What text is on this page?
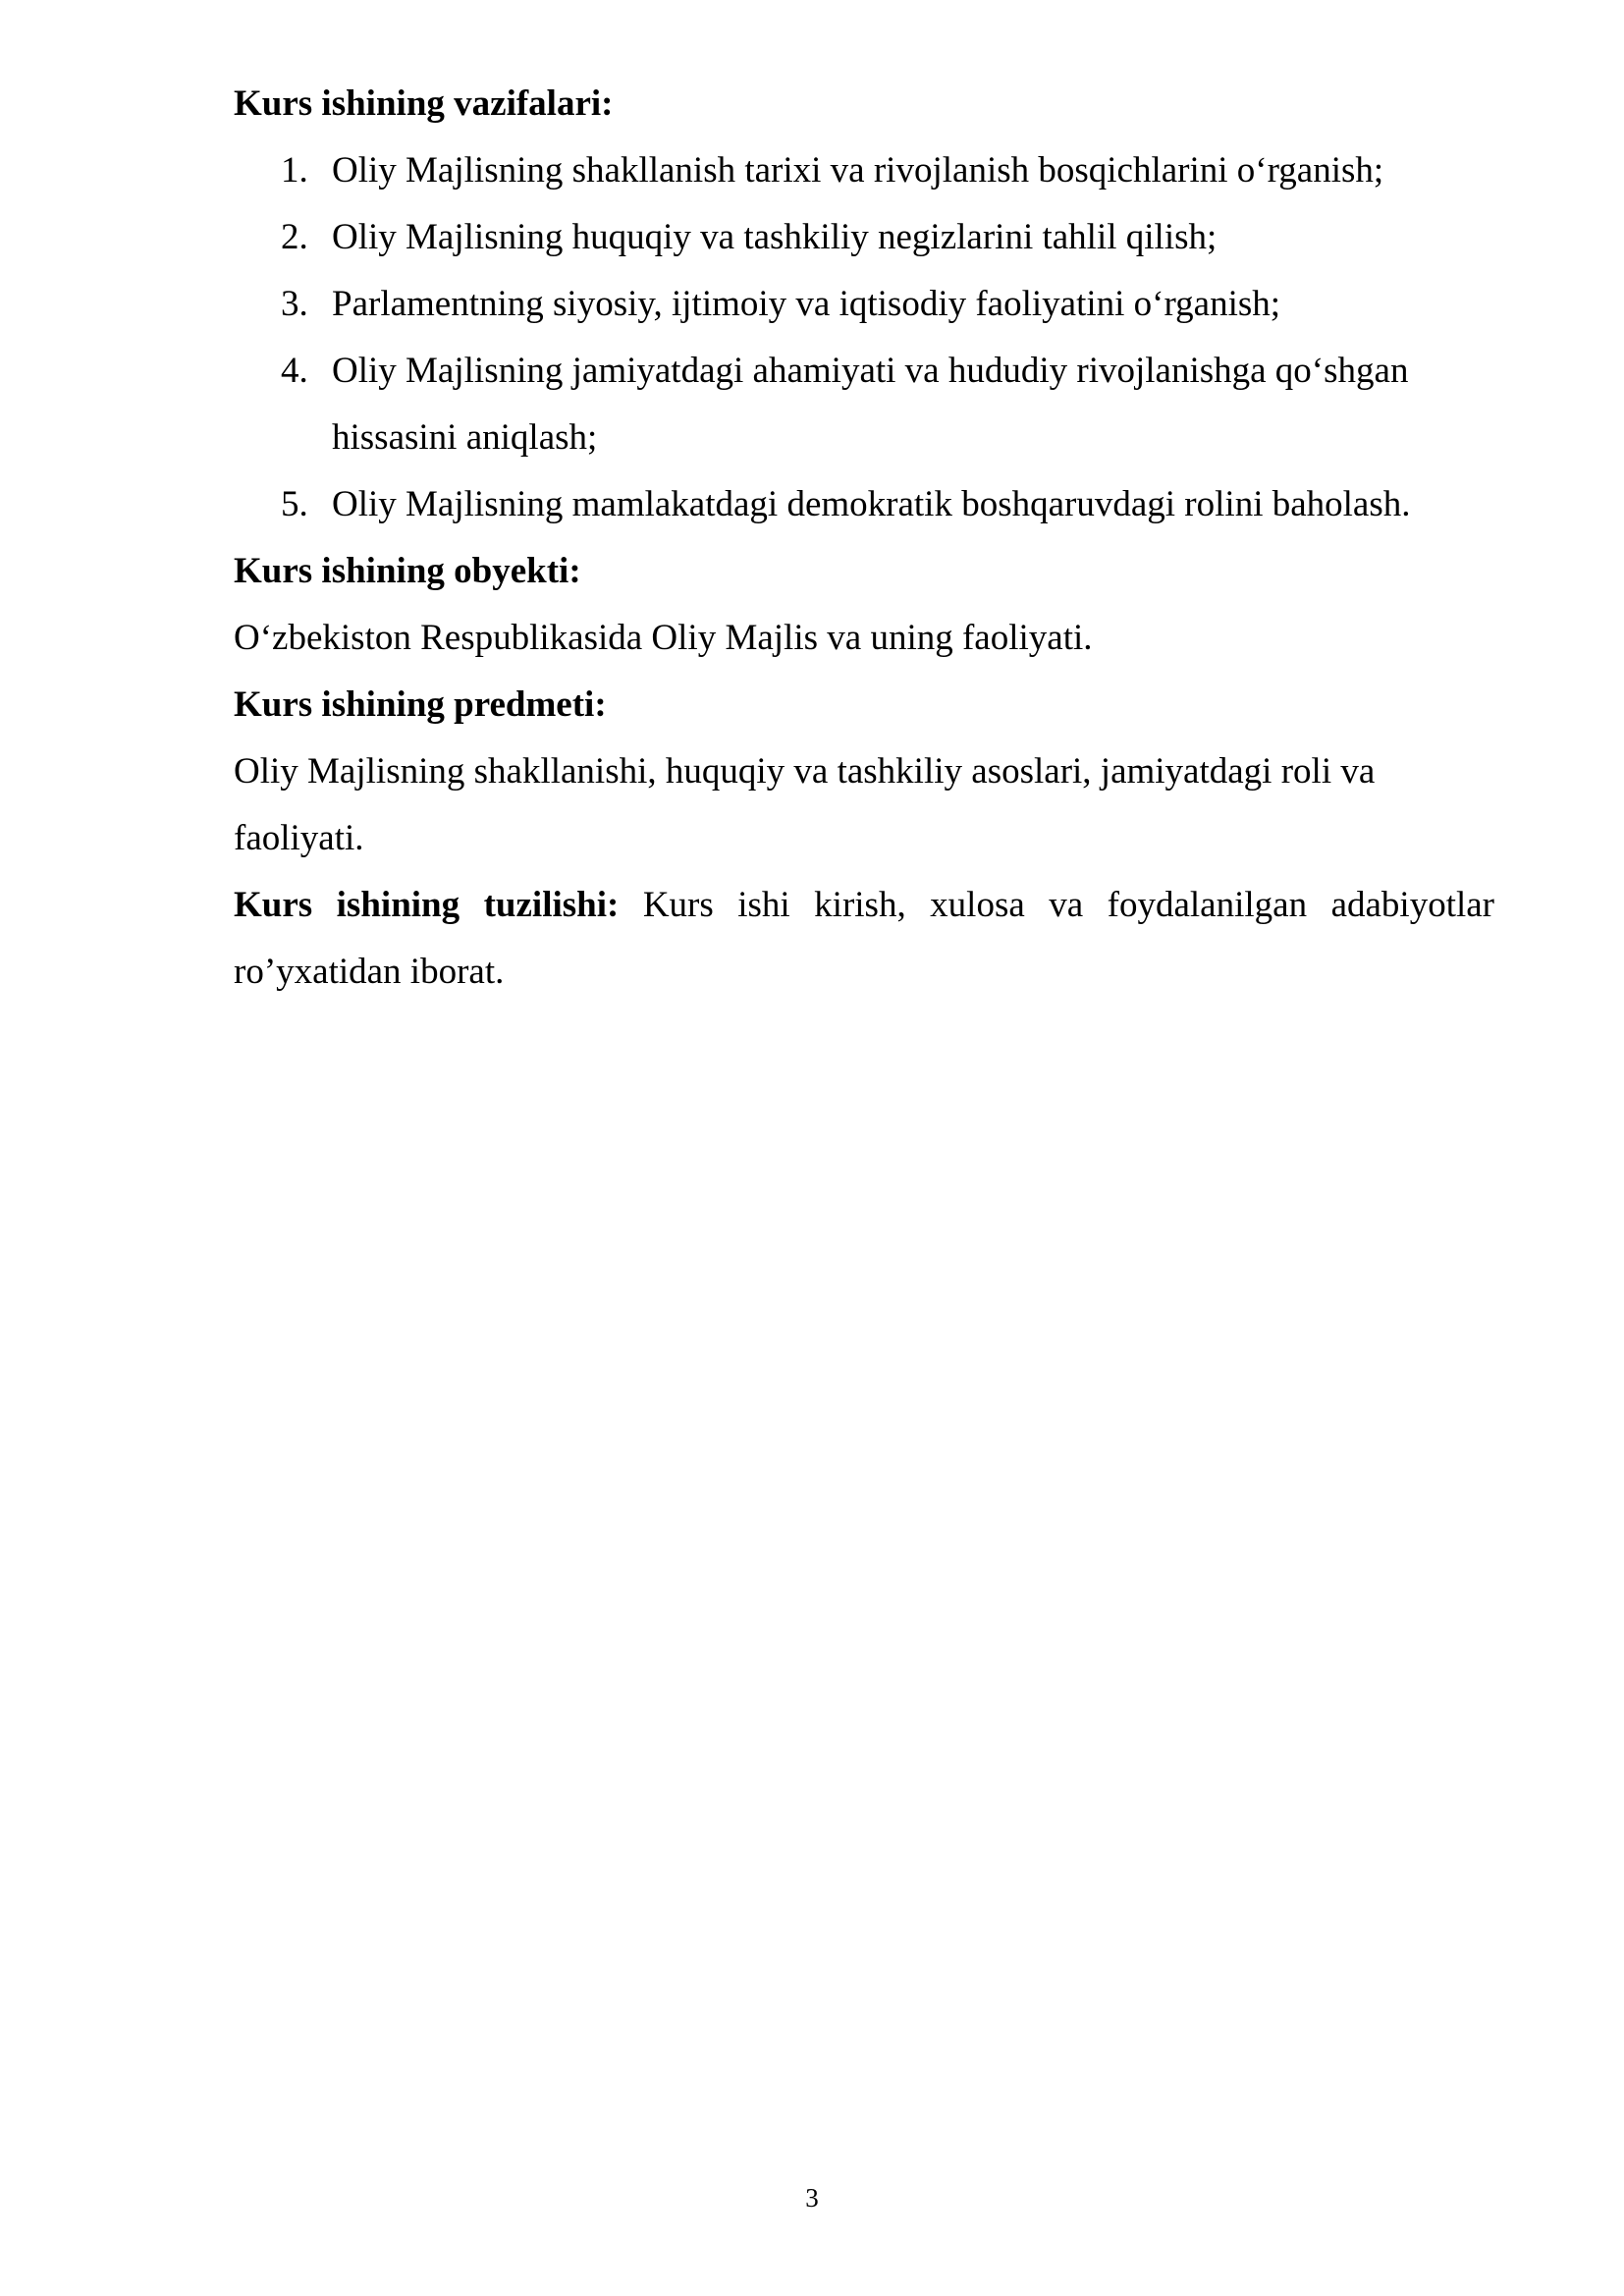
Kurs ishining vazifalari:

1. Oliy Majlisning shakllanish tarixi va rivojlanish bosqichlarini o‘rganish;
2. Oliy Majlisning huquqiy va tashkiliy negizlarini tahlil qilish;
3. Parlamentning siyosiy, ijtimoiy va iqtisodiy faoliyatini o‘rganish;
4. Oliy Majlisning jamiyatdagi ahamiyati va hududiy rivojlanishga qo‘shgan hissasini aniqlash;
5. Oliy Majlisning mamlakatdagi demokratik boshqaruvdagi rolini baholash.

Kurs ishining obyekti:

O‘zbekiston Respublikasida Oliy Majlis va uning faoliyati.

Kurs ishining predmeti:

Oliy Majlisning shakllanishi, huquqiy va tashkiliy asoslari, jamiyatdagi roli va faoliyati.

Kurs ishining tuzilishi: Kurs ishi kirish, xulosa va foydalanilgan adabiyotlar ro’yxatidan iborat.

3
